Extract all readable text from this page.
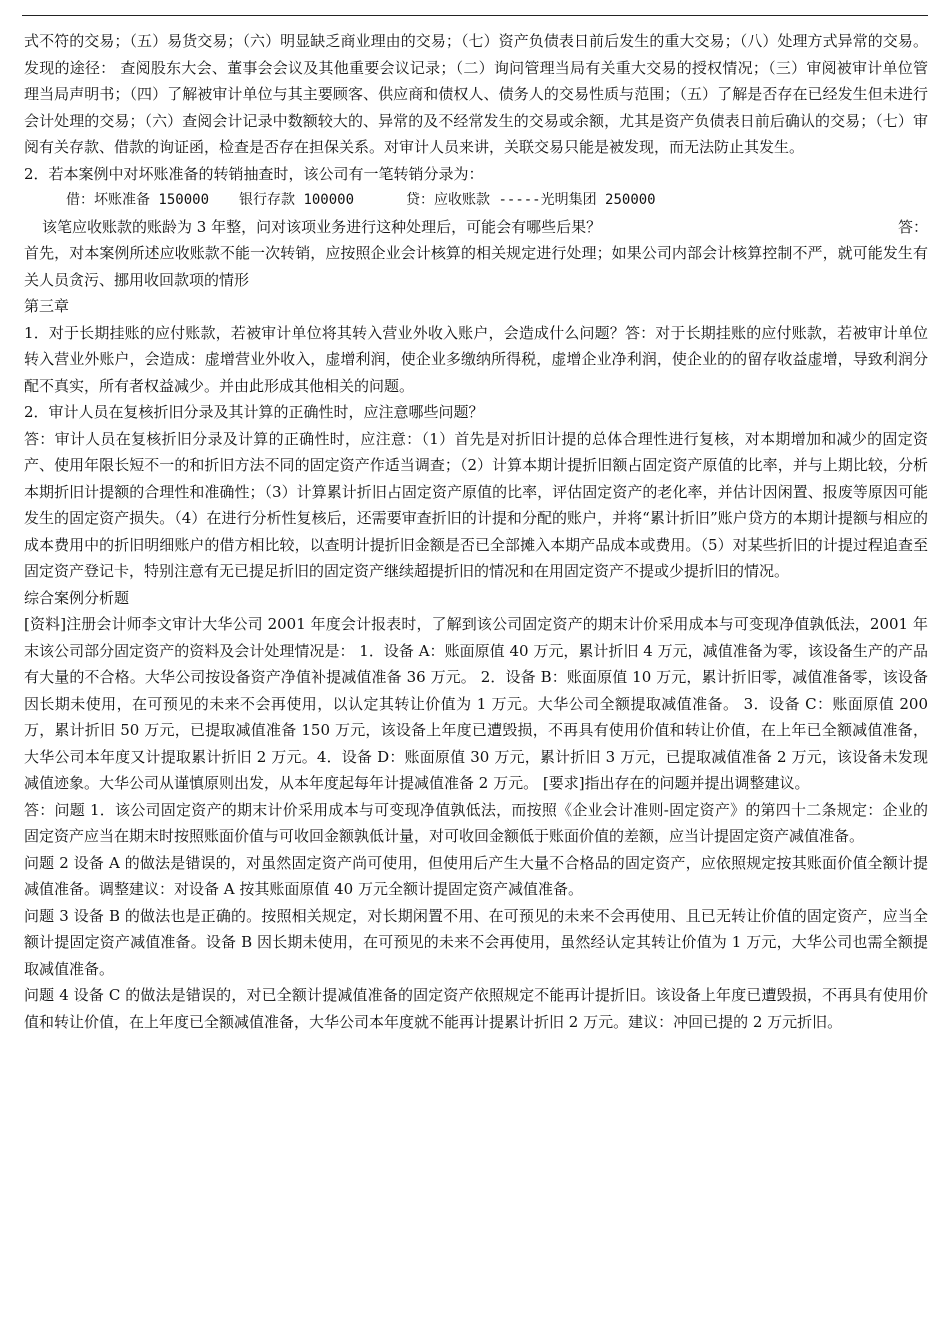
式不符的交易；（五）易货交易；（六）明显缺乏商业理由的交易；（七）资产负债表日前后发生的重大交易；（八）处理方式异常的交易。发现的途径： 查阅股东大会、董事会会议及其他重要会议记录；（二）询问管理当局有关重大交易的授权情况；（三）审阅被审计单位管理当局声明书；（四）了解被审计单位与其主要顾客、供应商和债权人、债务人的交易性质与范围；（五）了解是否存在已经发生但未进行会计处理的交易；（六）查阅会计记录中数额较大的、异常的及不经常发生的交易或余额，尤其是资产负债表日前后确认的交易；（七）审阅有关存款、借款的询证函，检查是否存在担保关系。对审计人员来讲，关联交易只能是被发现，而无法防止其发生。

2．若本案例中对坏账准备的转销抽查时，该公司有一笔转销分录为：

借：坏账准备 150000 银行存款 100000	贷：应收账款 -----光明集团 250000

该笔应收账款的账龄为 3 年整，问对该项业务进行这种处理后，可能会有哪些后果？	答：

首先，对本案例所述应收账款不能一次转销，应按照企业会计核算的相关规定进行处理；如果公司内部会计核算控制不严，就可能发生有关人员贪污、挪用收回款项的情形

第三章

1．对于长期挂账的应付账款，若被审计单位将其转入营业外收入账户，会造成什么问题？答：对于长期挂账的应付账款，若被审计单位转入营业外账户，会造成：虚增营业外收入，虚增利润，使企业多缴纳所得税，虚增企业净利润，使企业的的留存收益虚增，导致利润分配不真实，所有者权益减少。并由此形成其他相关的问题。

2．审计人员在复核折旧分录及其计算的正确性时，应注意哪些问题？

答：审计人员在复核折旧分录及计算的正确性时，应注意：（1）首先是对折旧计提的总体合理性进行复核，对本期增加和减少的固定资产、使用年限长短不一的和折旧方法不同的固定资产作适当调查；（2）计算本期计提折旧额占固定资产原值的比率，并与上期比较，分析本期折旧计提额的合理性和准确性；（3）计算累计折旧占固定资产原值的比率，评估固定资产的老化率，并估计因闲置、报废等原因可能发生的固定资产损失。（4）在进行分析性复核后，还需要审查折旧的计提和分配的账户，并将“累计折旧”账户贷方的本期计提额与相应的成本费用中的折旧明细账户的借方相比较，以查明计提折旧金额是否已全部摊入本期产品成本或费用。（5）对某些折旧的计提过程追查至固定资产登记卡，特别注意有无已提足折旧的固定资产继续超提折旧的情况和在用固定资产不提或少提折旧的情况。

综合案例分析题

[资料]注册会计师李文审计大华公司 2001 年度会计报表时，了解到该公司固定资产的期末计价采用成本与可变现净值孰低法，2001 年末该公司部分固定资产的资料及会计处理情况是： 1．设备 A：账面原值 40 万元，累计折旧 4 万元，减值准备为零，该设备生产的产品有大量的不合格。大华公司按设备资产净值补提减值准备 36 万元。 2．设备 B：账面原值 10 万元，累计折旧零，减值准备零，该设备因长期未使用，在可预见的未来不会再使用，以认定其转让价值为 1 万元。大华公司全额提取减值准备。 3．设备 C：账面原值 200 万，累计折旧 50 万元，已提取减值准备 150 万元，该设备上年度已遭毁损，不再具有使用价值和转让价值，在上年已全额减值准备，大华公司本年度又计提取累计折旧 2 万元。4．设备 D：账面原值 30 万元，累计折旧 3 万元，已提取减值准备 2 万元，该设备未发现减值迹象。大华公司从谨慎原则出发，从本年度起每年计提减值准备 2 万元。 [要求]指出存在的问题并提出调整建议。

答：问题 1．该公司固定资产的期末计价采用成本与可变现净值孰低法，而按照《企业会计准则-固定资产》的第四十二条规定：企业的固定资产应当在期末时按照账面价值与可收回金额孰低计量，对可收回金额低于账面价值的差额，应当计提固定资产减值准备。

问题 2 设备 A 的做法是错误的，对虽然固定资产尚可使用，但使用后产生大量不合格品的固定资产，应依照规定按其账面价值全额计提减值准备。调整建议：对设备 A 按其账面原值 40 万元全额计提固定资产减值准备。

问题 3 设备 B 的做法也是正确的。按照相关规定，对长期闲置不用、在可预见的未来不会再使用、且已无转让价值的固定资产，应当全额计提固定资产减值准备。设备 B 因长期未使用，在可预见的未来不会再使用，虽然经认定其转让价值为 1 万元，大华公司也需全额提取减值准备。

问题 4 设备 C 的做法是错误的，对已全额计提减值准备的固定资产依照规定不能再计提折旧。该设备上年度已遭毁损，不再具有使用价值和转让价值，在上年度已全额减值准备，大华公司本年度就不能再计提累计折旧 2 万元。建议：冲回已提的 2 万元折旧。
